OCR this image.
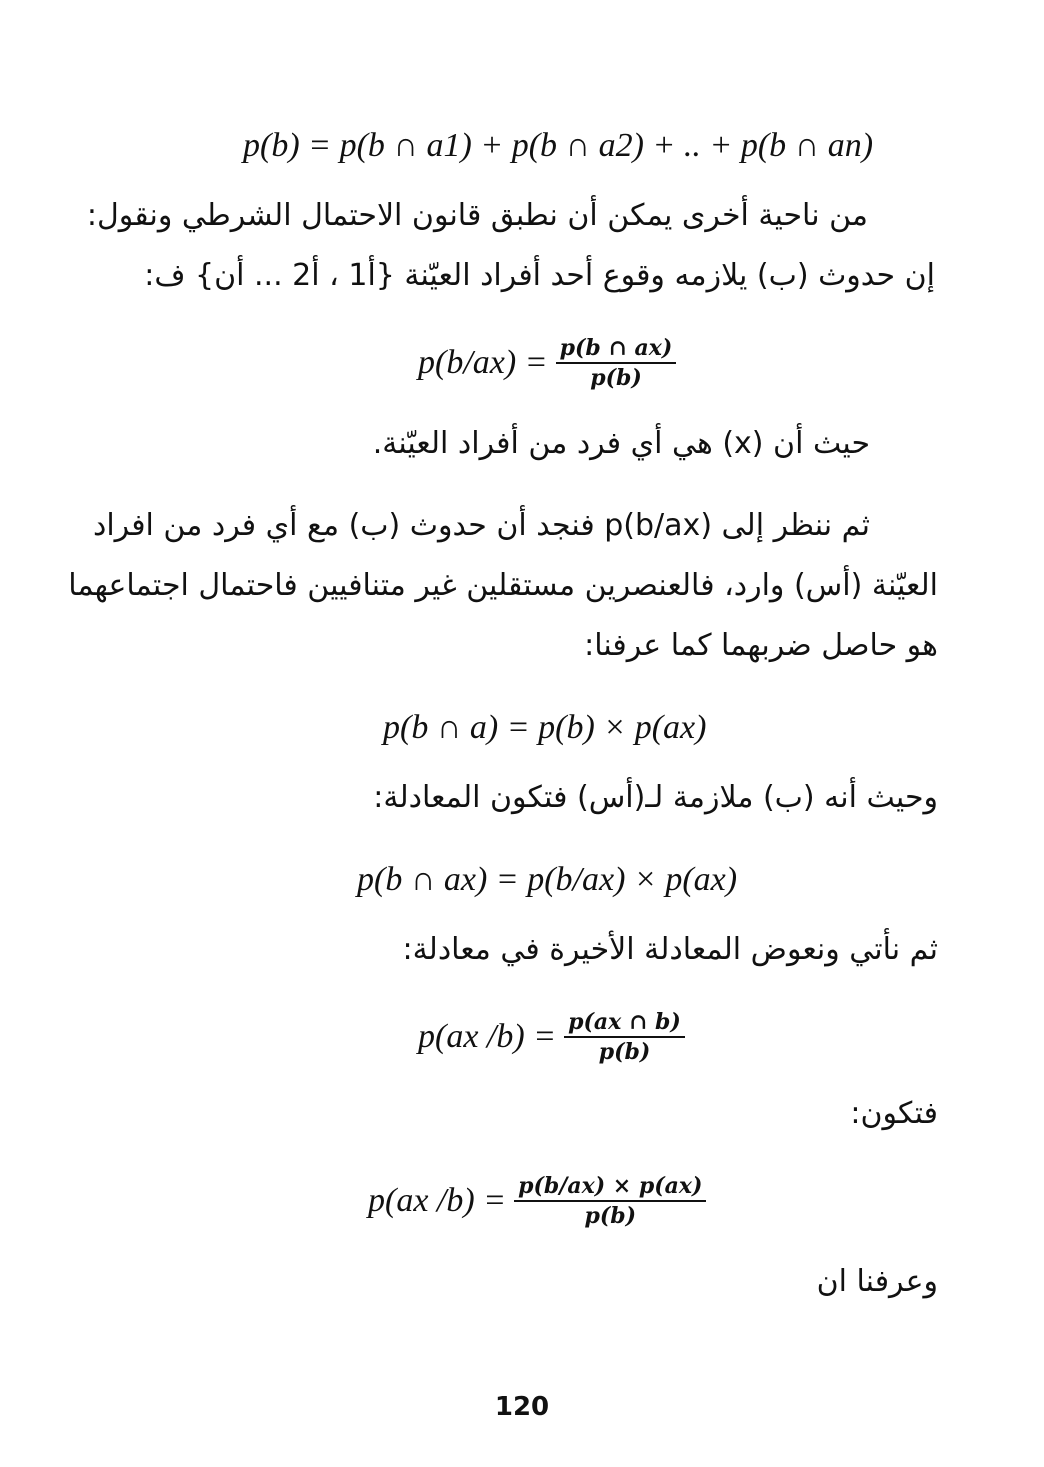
p(b) = p(b ∩ a1) + p(b ∩ a2) + .. + p(b ∩ an)
من ناحية أخرى يمكن أن نطبق قانون الاحتمال الشرطي ونقول:
إن حدوث (ب) يلازمه وقوع أحد أفراد العيّنة {أ1 ، أ2 ... أن} ف:
$p(b/ax) = \frac{p(b \cap ax)}{p(b)}$
حيث أن (x) هي أي فرد من أفراد العيّنة.
ثم ننظر إلى (p(b/ax فنجد أن حدوث (ب) مع أي فرد من افراد
العيّنة (أس) وارد، فالعنصرين مستقلين غير متنافيين فاحتمال اجتماعهما
هو حاصل ضربهما كما عرفنا:
p(b ∩ a) = p(b) × p(ax)
وحيث أنه (ب) ملازمة لـ(أس) فتكون المعادلة:
p(b ∩ ax) = p(b/ax) × p(ax)
ثم نأتي ونعوض المعادلة الأخيرة في معادلة:
p(ax $/b) = \frac{p(ax \cap b)}{p(b)}$
فتكون:
p(ax $/b) = \frac{p(b/ax) \times p(ax)}{p(b)}$
وعرفنا ان
120
